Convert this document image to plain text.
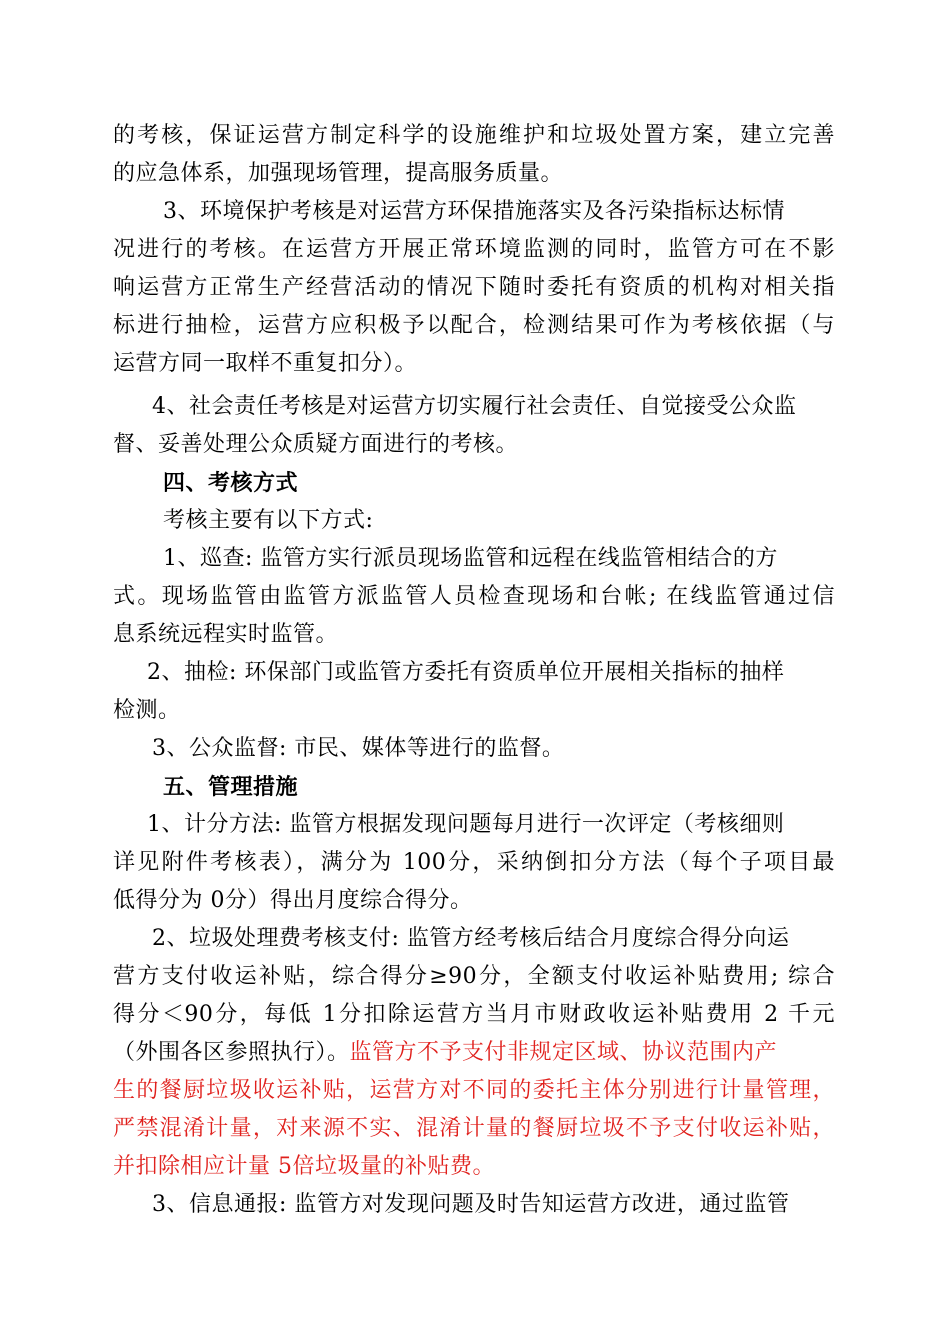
的考核，保证运营方制定科学的设施维护和垃圾处置方案，建立完善
的应急体系，加强现场管理，提高服务质量。
3、环境保护考核是对运营方环保措施落实及各污染指标达标情
况进行的考核。在运营方开展正常环境监测的同时，监管方可在不影
响运营方正常生产经营活动的情况下随时委托有资质的机构对相关指
标进行抽检，运营方应积极予以配合，检测结果可作为考核依据（与
运营方同一取样不重复扣分）。
4、社会责任考核是对运营方切实履行社会责任、自觉接受公众监
督、妥善处理公众质疑方面进行的考核。
四、考核方式
考核主要有以下方式:
1、巡查: 监管方实行派员现场监管和远程在线监管相结合的方
式。现场监管由监管方派监管人员检查现场和台帐; 在线监管通过信
息系统远程实时监管。
2、抽检: 环保部门或监管方委托有资质单位开展相关指标的抽样
检测。
3、公众监督: 市民、媒体等进行的监督。
五、管理措施
1、计分方法: 监管方根据发现问题每月进行一次评定（考核细则
详见附件考核表），满分为 100分，采纳倒扣分方法（每个子项目最
低得分为 0分）得出月度综合得分。
2、垃圾处理费考核支付: 监管方经考核后结合月度综合得分向运
营方支付收运补贴，综合得分≥90分，全额支付收运补贴费用; 综合
得分＜90分，每低 1分扣除运营方当月市财政收运补贴费用 2 千元
（外围各区参照执行）。监管方不予支付非规定区域、协议范围内产
生的餐厨垃圾收运补贴，运营方对不同的委托主体分别进行计量管理，
严禁混淆计量，对来源不实、混淆计量的餐厨垃圾不予支付收运补贴，
并扣除相应计量 5倍垃圾量的补贴费。
3、信息通报: 监管方对发现问题及时告知运营方改进，通过监管
